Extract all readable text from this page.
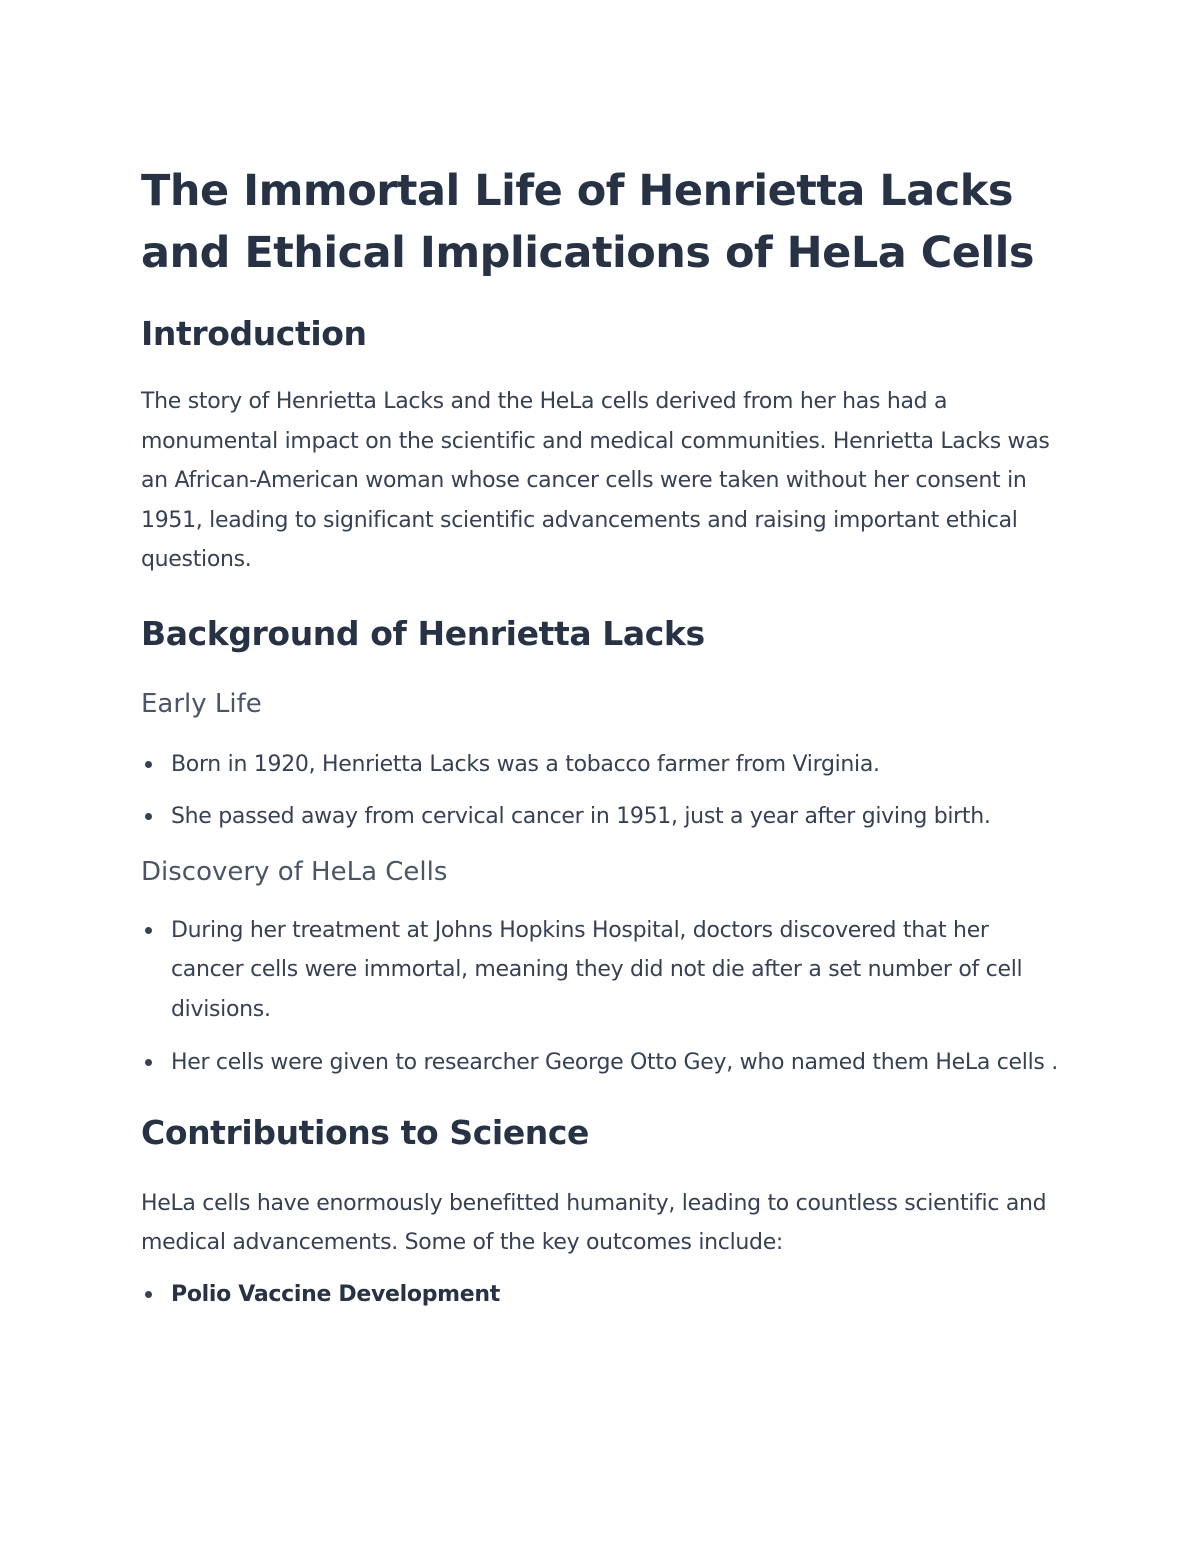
The Immortal Life of Henrietta Lacks
and Ethical Implications of HeLa Cells
Introduction

The story of Henrietta Lacks and the HeLa cells derived from her has had a monumental impact on the scientific and medical communities. Henrietta Lacks was an African-American woman whose cancer cells were taken without her consent in 1951, leading to significant scientific advancements and raising important ethical questions.

Background of Henrietta Lacks
Early Life
Born in 1920, Henrietta Lacks was a tobacco farmer from Virginia.
She passed away from cervical cancer in 1951, just a year after giving birth.
Discovery of HeLa Cells
During her treatment at Johns Hopkins Hospital, doctors discovered that her cancer cells were immortal, meaning they did not die after a set number of cell divisions.
Her cells were given to researcher George Otto Gey, who named them HeLa cells .
Contributions to Science

HeLa cells have enormously benefitted humanity, leading to countless scientific and medical advancements. Some of the key outcomes include:

Polio Vaccine Development
